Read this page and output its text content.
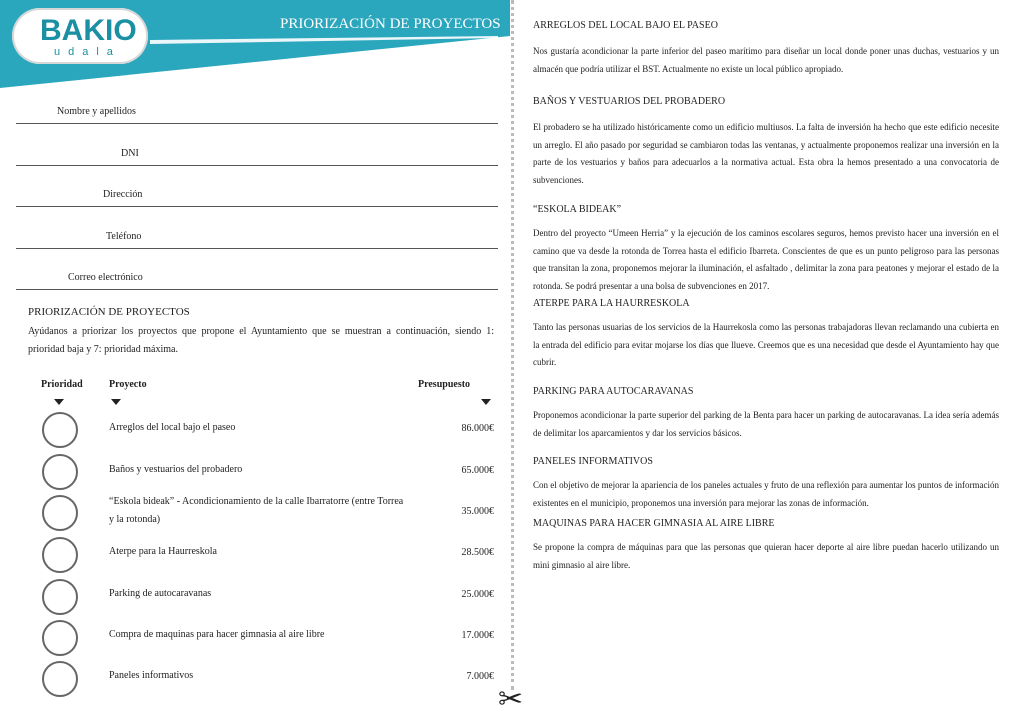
BAKIO
udala
PRIORIZACIÓN DE PROYECTOS
Nombre y apellidos
DNI
Dirección
Teléfono
Correo electrónico
PRIORIZACIÓN DE PROYECTOS
Ayúdanos a priorizar los proyectos que propone el Ayuntamiento que se muestran a continuación, siendo 1: prioridad baja y 7: prioridad máxima.
Prioridad	Proyecto	Presupuesto
Arreglos del local bajo el paseo	86.000€
Baños y vestuarios del probadero	65.000€
“Eskola bideak” - Acondicionamiento de la calle Ibarratorre (entre Torrea y la rotonda)
35.000€
Aterpe para la Haurreskola	28.500€
Parking de autocaravanas	25.000€
Compra de maquinas para hacer gimnasia al aire libre	17.000€
Paneles informativos	7.000€
✂

ARREGLOS DEL LOCAL BAJO EL PASEO

Nos gustaría acondicionar la parte inferior del paseo marítimo para diseñar un local donde poner unas duchas, vestuarios y un almacén que podría utilizar el BST. Actualmente no existe un local público apropiado.

BAÑOS Y VESTUARIOS DEL PROBADERO

El probadero se ha utilizado históricamente como un edificio multiusos. La falta de inversión ha hecho que este edificio necesite un arreglo. El año pasado por seguridad se cambiaron todas las ventanas, y actualmente proponemos realizar una inversión en la parte de los vestuarios y baños para adecuarlos a la normativa actual. Esta obra la hemos presentado a una convocatoria de subvenciones.

“ESKOLA BIDEAK”

Dentro del proyecto “Umeen Herria” y la ejecución de los caminos escolares seguros, hemos previsto hacer una inversión en el camino que va desde la rotonda de Torrea hasta el edificio Ibarreta. Conscientes de que es un punto peligroso para las personas que transitan la zona, proponemos mejorar la iluminación, el asfaltado , delimitar la zona para peatones y mejorar el estado de la rotonda. Se podrá presentar a una bolsa de subvenciones en 2017.

ATERPE PARA LA HAURRESKOLA

Tanto las personas usuarias de los servicios de la Haurrekosla como las personas trabajadoras llevan reclamando una cubierta en la entrada del edificio para evitar mojarse los días que llueve. Creemos que es una necesidad que desde el Ayuntamiento hay que cubrir.

PARKING PARA AUTOCARAVANAS

Proponemos acondicionar la parte superior del parking de la Benta para hacer un parking de autocaravanas. La idea sería además de delimitar los aparcamientos y dar los servicios básicos.

PANELES INFORMATIVOS

Con el objetivo de mejorar la apariencia de los paneles actuales y fruto de una reflexión para aumentar los puntos de información existentes en el municipio, proponemos una inversión para mejorar las zonas de información.

MAQUINAS PARA HACER GIMNASIA AL AIRE LIBRE

Se propone la compra de máquinas para que las personas que quieran hacer deporte al aire libre puedan hacerlo utilizando un mini gimnasio al aire libre.
